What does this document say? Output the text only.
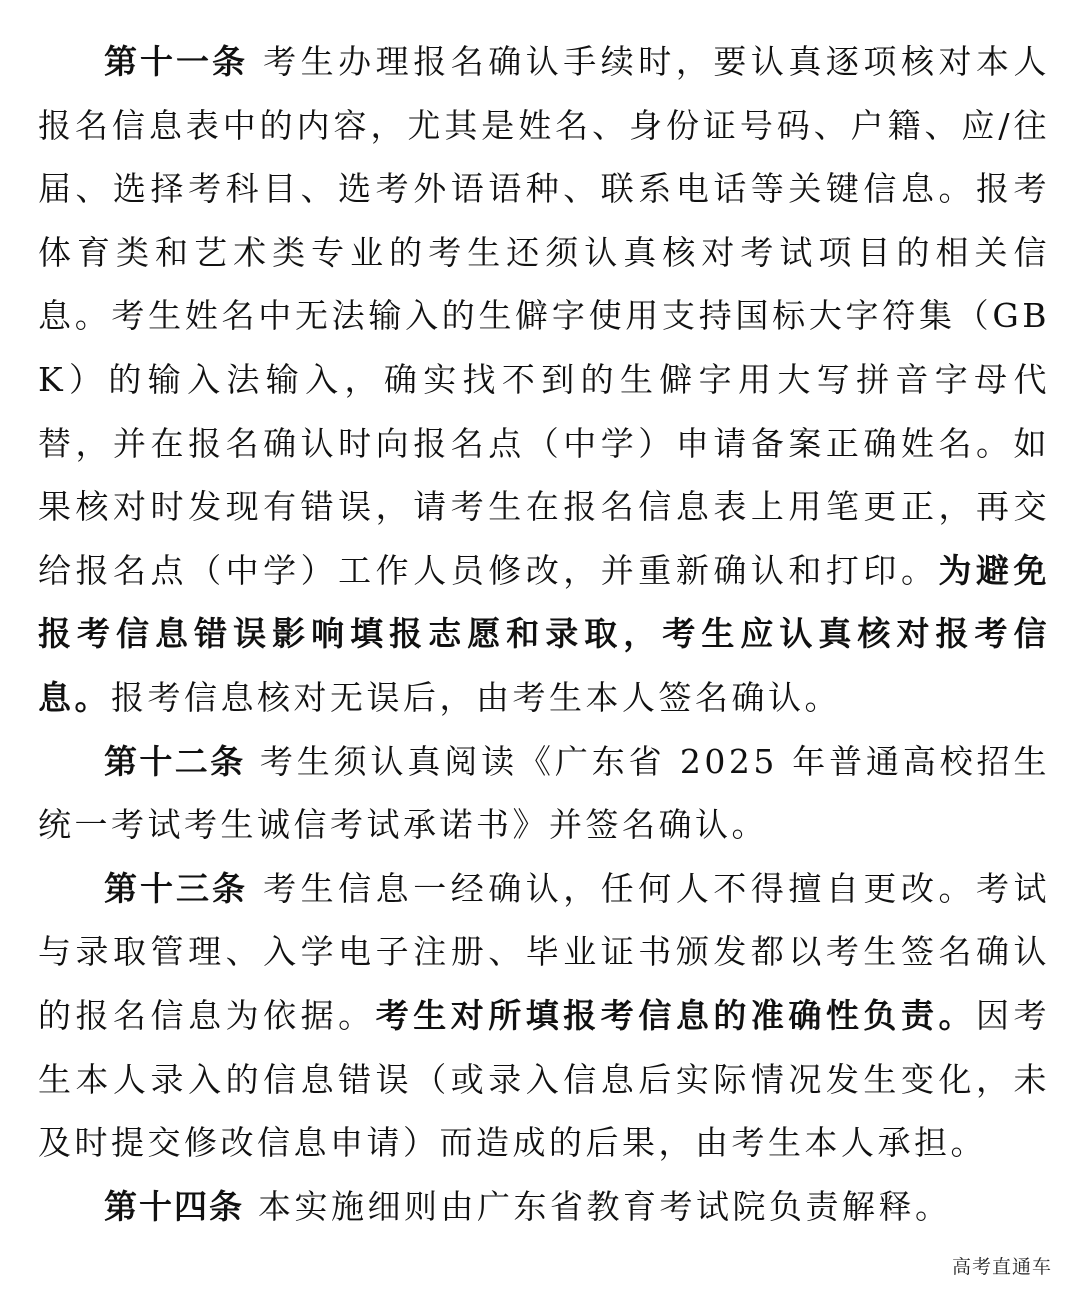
第十一条 考生办理报名确认手续时，要认真逐项核对本人报名信息表中的内容，尤其是姓名、身份证号码、户籍、应/往届、选择考科目、选考外语语种、联系电话等关键信息。报考体育类和艺术类专业的考生还须认真核对考试项目的相关信息。考生姓名中无法输入的生僻字使用支持国标大字符集（GBK）的输入法输入，确实找不到的生僻字用大写拼音字母代替，并在报名确认时向报名点（中学）申请备案正确姓名。如果核对时发现有错误，请考生在报名信息表上用笔更正，再交给报名点（中学）工作人员修改，并重新确认和打印。为避免报考信息错误影响填报志愿和录取，考生应认真核对报考信息。报考信息核对无误后，由考生本人签名确认。

第十二条 考生须认真阅读《广东省 2025 年普通高校招生统一考试考生诚信考试承诺书》并签名确认。

第十三条 考生信息一经确认，任何人不得擅自更改。考试与录取管理、入学电子注册、毕业证书颁发都以考生签名确认的报名信息为依据。考生对所填报考信息的准确性负责。因考生本人录入的信息错误（或录入信息后实际情况发生变化，未及时提交修改信息申请）而造成的后果，由考生本人承担。

第十四条 本实施细则由广东省教育考试院负责解释。

高考直通车
